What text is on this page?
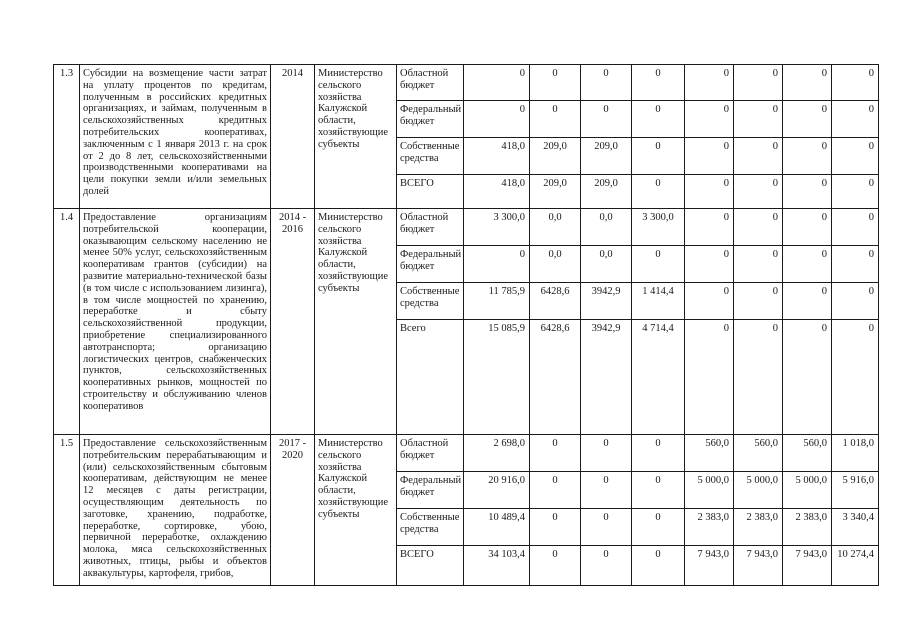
1.3	Субсидии на возмещение части затрат на уплату процентов по кредитам, полученным в российских кредитных организациях, и займам, полученным в сельскохозяйственных кредитных потребительских кооперативах, заключенным с 1 января 2013 г. на срок от 2 до 8 лет, сельскохозяйственными производственными кооперативами на цели покупки земли и/или земельных долей	2014	Министерство сельского хозяйства Калужской области, хозяйствующие субъекты	Областной бюджет	0	0	0	0	0	0	0	0
				Федеральный бюджет	0	0	0	0	0	0	0	0
				Собственные средства	418,0	209,0	209,0	0	0	0	0	0
				ВСЕГО	418,0	209,0	209,0	0	0	0	0	0
1.4	Предоставление организациям потребительской кооперации, оказывающим сельскому населению не менее 50% услуг, сельскохозяйственным кооперативам грантов (субсидии) на развитие материально-технической базы (в том числе с использованием лизинга), в том числе мощностей по хранению, переработке и сбыту сельскохозяйственной продукции, приобретение специализированного автотранспорта; организацию логистических центров, снабженческих пунктов, сельскохозяйственных кооперативных рынков, мощностей по строительству и обслуживанию членов кооперативов	2014 - 2016	Министерство сельского хозяйства Калужской области, хозяйствующие субъекты	Областной бюджет	3 300,0	0,0	0,0	3 300,0	0	0	0	0
				Федеральный бюджет	0	0,0	0,0	0	0	0	0	0
				Собственные средства	11 785,9	6428,6	3942,9	1 414,4	0	0	0	0
				Всего	15 085,9	6428,6	3942,9	4 714,4	0	0	0	0
1.5	Предоставление сельскохозяйственным потребительским перерабатывающим и (или) сельскохозяйственным сбытовым кооперативам, действующим не менее 12 месяцев с даты регистрации, осуществляющим деятельность по заготовке, хранению, подработке, переработке, сортировке, убою, первичной переработке, охлаждению молока, мяса сельскохозяйственных животных, птицы, рыбы и объектов аквакультуры, картофеля, грибов,	2017 - 2020	Министерство сельского хозяйства Калужской области, хозяйствующие субъекты	Областной бюджет	2 698,0	0	0	0	560,0	560,0	560,0	1 018,0
				Федеральный бюджет	20 916,0	0	0	0	5 000,0	5 000,0	5 000,0	5 916,0
				Собственные средства	10 489,4	0	0	0	2 383,0	2 383,0	2 383,0	3 340,4
				ВСЕГО	34 103,4	0	0	0	7 943,0	7 943,0	7 943,0	10 274,4
